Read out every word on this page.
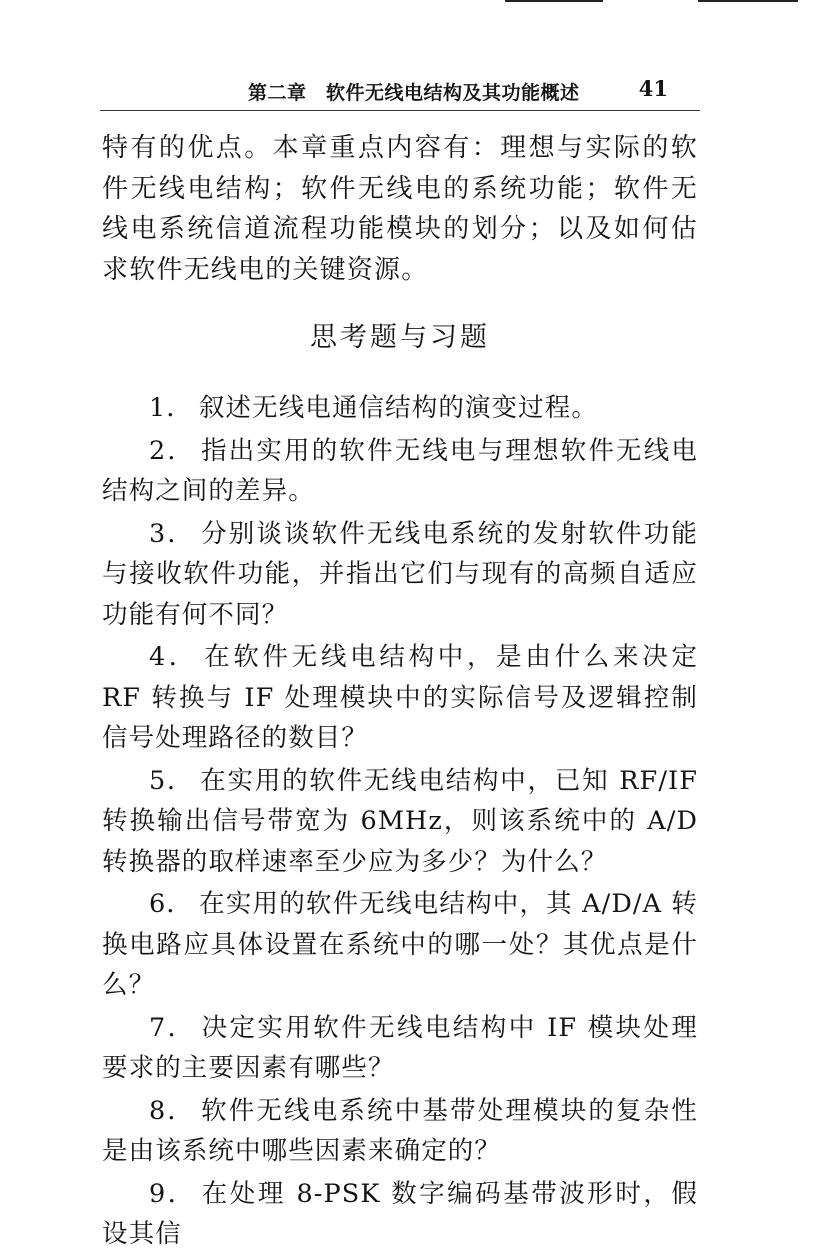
第二章　软件无线电结构及其功能概述	41

特有的优点。本章重点内容有：理想与实际的软件无线电结构；软件无线电的系统功能；软件无线电系统信道流程功能模块的划分；以及如何估求软件无线电的关键资源。

思考题与习题

1． 叙述无线电通信结构的演变过程。

2． 指出实用的软件无线电与理想软件无线电结构之间的差异。

3． 分别谈谈软件无线电系统的发射软件功能与接收软件功能，并指出它们与现有的高频自适应功能有何不同？

4． 在软件无线电结构中，是由什么来决定 RF 转换与 IF 处理模块中的实际信号及逻辑控制信号处理路径的数目？

5． 在实用的软件无线电结构中，已知 RF/IF 转换输出信号带宽为 6MHz，则该系统中的 A/D 转换器的取样速率至少应为多少？为什么？

6． 在实用的软件无线电结构中，其 A/D/A 转换电路应具体设置在系统中的哪一处？其优点是什么？

7． 决定实用软件无线电结构中 IF 模块处理要求的主要因素有哪些？

8． 软件无线电系统中基带处理模块的复杂性是由该系统中哪些因素来确定的？

9． 在处理 8-PSK 数字编码基带波形时，假设其信
